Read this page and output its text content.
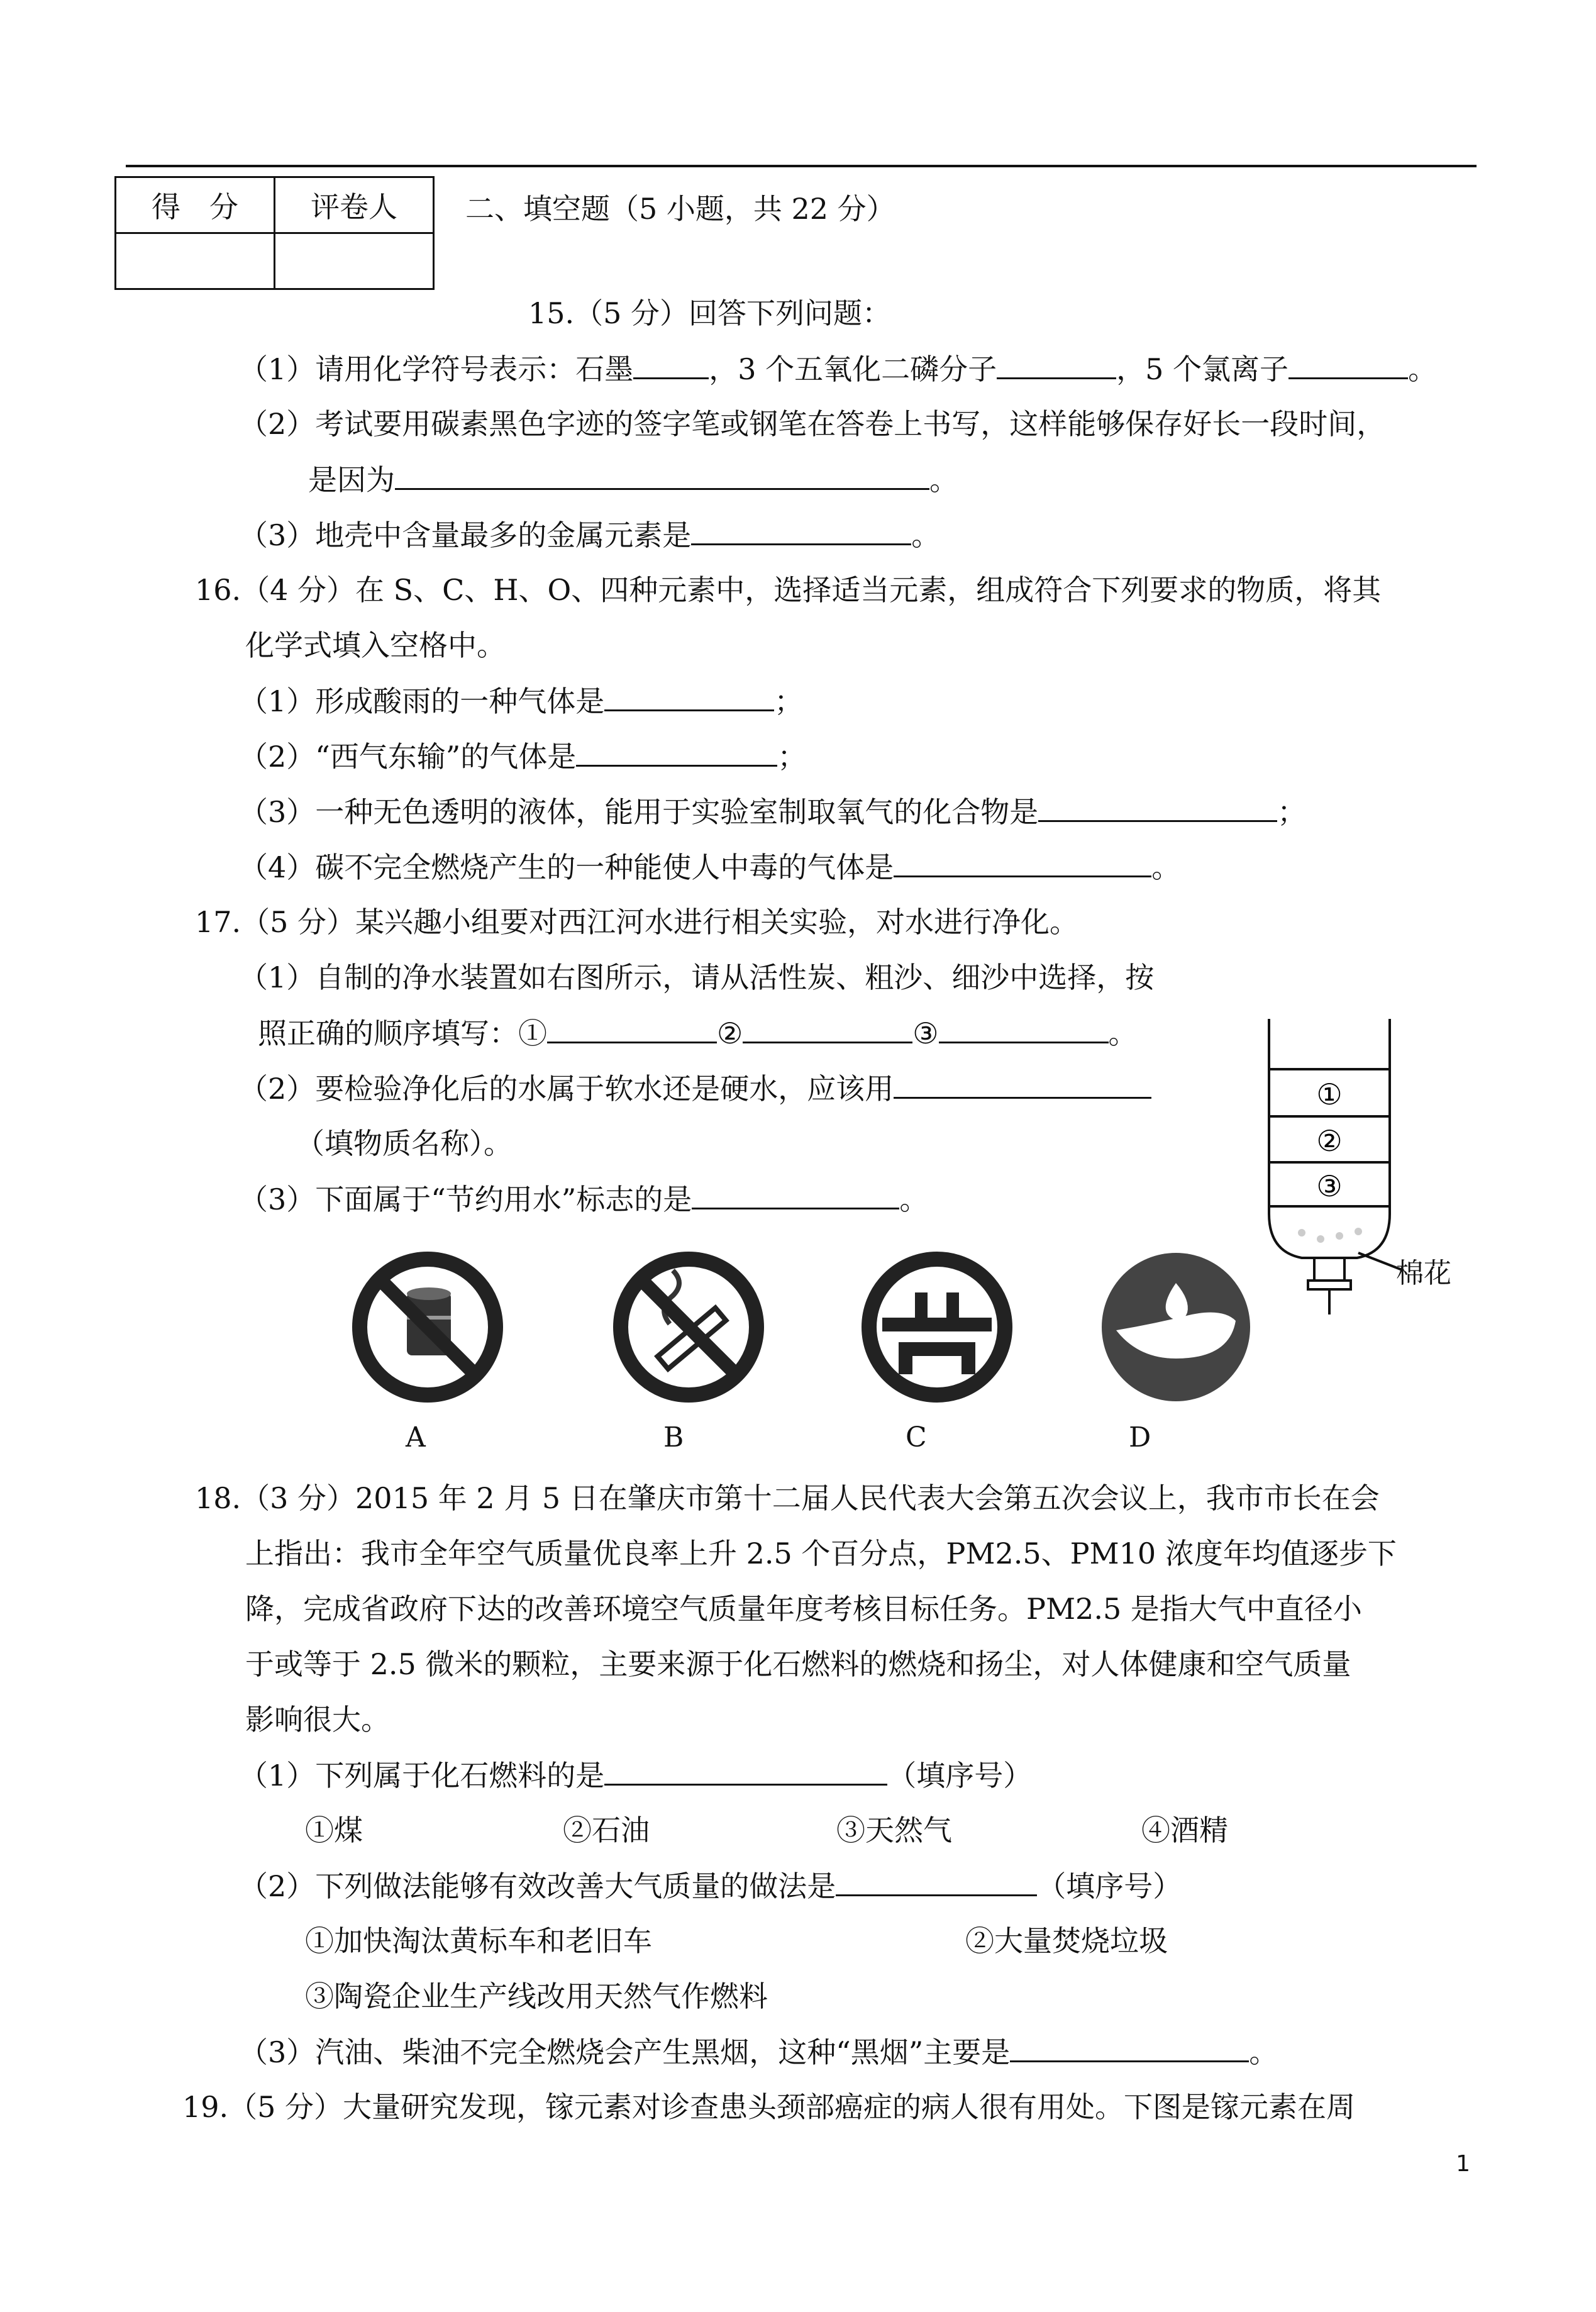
得　分	评卷人
	二、填空题（5 小题，共 22 分）
15.（5 分）回答下列问题：
（1）请用化学符号表示：石墨	，3 个五氧化二磷分子	，5 个氯离子	。
（2）考试要用碳素黑色字迹的签字笔或钢笔在答卷上书写，这样能够保存好长一段时间，
是因为	。
（3）地壳中含量最多的金属元素是	。
16.（4 分）在 S、C、H、O、四种元素中，选择适当元素，组成符合下列要求的物质，将其
化学式填入空格中。
（1）形成酸雨的一种气体是	；
（2）“西气东输”的气体是	；
（3）一种无色透明的液体，能用于实验室制取氧气的化合物是	；
（4）碳不完全燃烧产生的一种能使人中毒的气体是	。
17.（5 分）某兴趣小组要对西江河水进行相关实验，对水进行净化。
（1）自制的净水装置如右图所示，请从活性炭、粗沙、细沙中选择，按
照正确的顺序填写：①	②	③	。
（2）要检验净化后的水属于软水还是硬水，应该用
（填物质名称）。
（3）下面属于“节约用水”标志的是	。
①
②
③
棉花
A	B	C	D
18.（3 分）2015 年 2 月 5 日在肇庆市第十二届人民代表大会第五次会议上，我市市长在会
上指出：我市全年空气质量优良率上升 2.5 个百分点，PM2.5、PM10 浓度年均值逐步下
降，完成省政府下达的改善环境空气质量年度考核目标任务。PM2.5 是指大气中直径小
于或等于 2.5 微米的颗粒，主要来源于化石燃料的燃烧和扬尘，对人体健康和空气质量
影响很大。
（1）下列属于化石燃料的是	（填序号）
①煤	②石油	③天然气	④酒精
（2）下列做法能够有效改善大气质量的做法是	（填序号）
①加快淘汰黄标车和老旧车	②大量焚烧垃圾
③陶瓷企业生产线改用天然气作燃料
（3）汽油、柴油不完全燃烧会产生黑烟，这种“黑烟”主要是	。
19.（5 分）大量研究发现，镓元素对诊查患头颈部癌症的病人很有用处。下图是镓元素在周
1
